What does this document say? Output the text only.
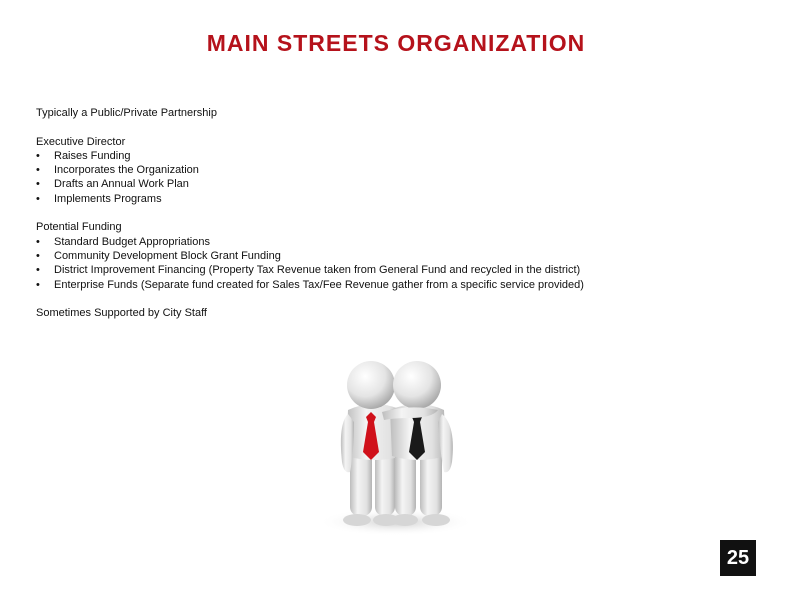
MAIN STREETS ORGANIZATION

Typically a Public/Private Partnership

Executive Director

• Raises Funding
• Incorporates the Organization
• Drafts an Annual Work Plan
• Implements Programs

Potential Funding

• Standard Budget Appropriations
• Community Development Block Grant Funding
• District Improvement Financing (Property Tax Revenue taken from General Fund and recycled in the district)
• Enterprise Funds (Separate fund created for Sales Tax/Fee Revenue gather from a specific service provided)

Sometimes Supported by City Staff

25
